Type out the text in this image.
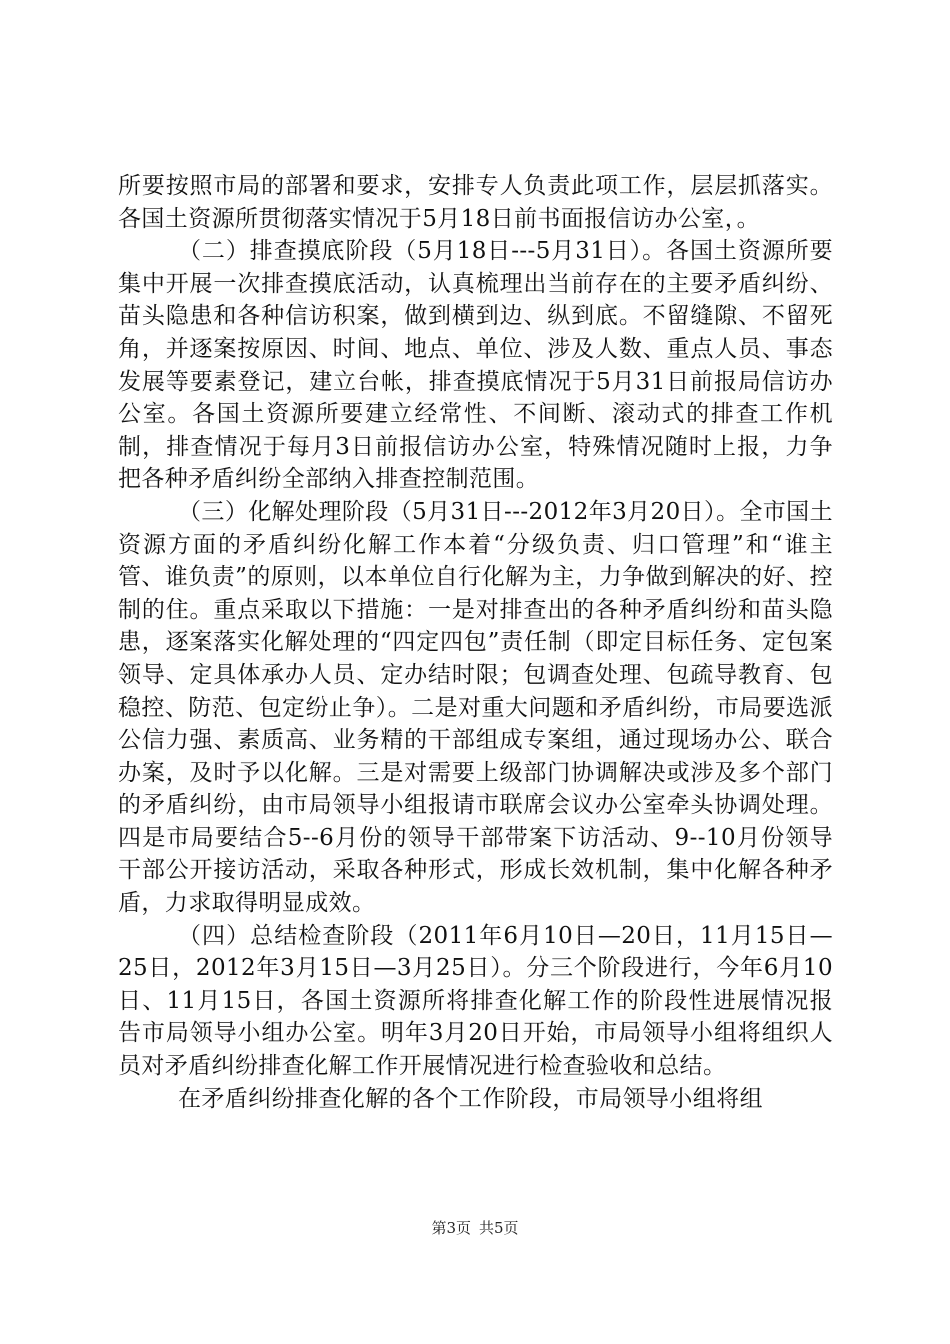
所要按照市局的部署和要求，安排专人负责此项工作，层层抓落实。各国土资源所贯彻落实情况于5月18日前书面报信访办公室，。

（二）排查摸底阶段（5月18日---5月31日）。各国土资源所要集中开展一次排查摸底活动，认真梳理出当前存在的主要矛盾纠纷、苗头隐患和各种信访积案，做到横到边、纵到底。不留缝隙、不留死角，并逐案按原因、时间、地点、单位、涉及人数、重点人员、事态发展等要素登记，建立台帐，排查摸底情况于5月31日前报局信访办公室。各国土资源所要建立经常性、不间断、滚动式的排查工作机制，排查情况于每月3日前报信访办公室，特殊情况随时上报，力争把各种矛盾纠纷全部纳入排查控制范围。

（三）化解处理阶段（5月31日---2012年3月20日）。全市国土资源方面的矛盾纠纷化解工作本着“分级负责、归口管理”和“谁主管、谁负责”的原则，以本单位自行化解为主，力争做到解决的好、控制的住。重点采取以下措施：一是对排查出的各种矛盾纠纷和苗头隐患，逐案落实化解处理的“四定四包”责任制（即定目标任务、定包案领导、定具体承办人员、定办结时限；包调查处理、包疏导教育、包稳控、防范、包定纷止争）。二是对重大问题和矛盾纠纷，市局要选派公信力强、素质高、业务精的干部组成专案组，通过现场办公、联合办案，及时予以化解。三是对需要上级部门协调解决或涉及多个部门的矛盾纠纷，由市局领导小组报请市联席会议办公室牵头协调处理。四是市局要结合5--6月份的领导干部带案下访活动、9--10月份领导干部公开接访活动，采取各种形式，形成长效机制，集中化解各种矛盾，力求取得明显成效。

（四）总结检查阶段（2011年6月10日—20日，11月15日—25日，2012年3月15日—3月25日）。分三个阶段进行，今年6月10日、11月15日，各国土资源所将排查化解工作的阶段性进展情况报告市局领导小组办公室。明年3月20日开始，市局领导小组将组织人员对矛盾纠纷排查化解工作开展情况进行检查验收和总结。

在矛盾纠纷排查化解的各个工作阶段，市局领导小组将组

第3页 共5页
